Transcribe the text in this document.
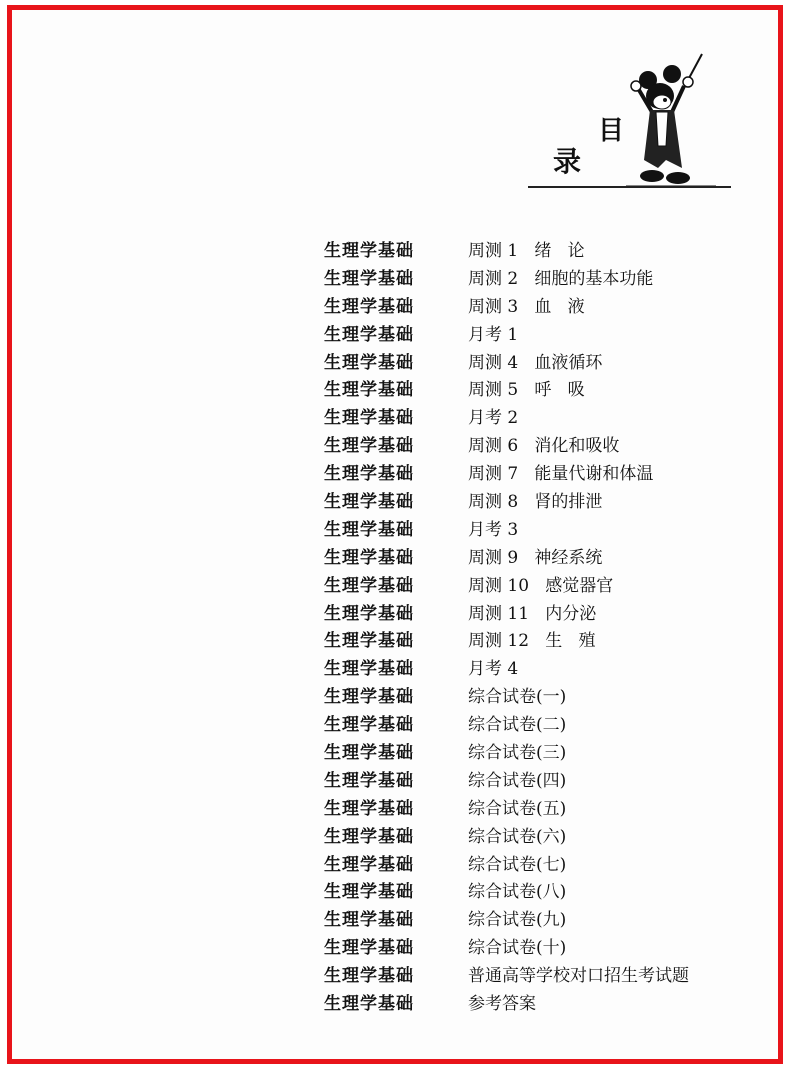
目
录
生理学基础	周测 1   绪   论
生理学基础	周测 2   细胞的基本功能
生理学基础	周测 3   血   液
生理学基础	月考 1
生理学基础	周测 4   血液循环
生理学基础	周测 5   呼   吸
生理学基础	月考 2
生理学基础	周测 6   消化和吸收
生理学基础	周测 7   能量代谢和体温
生理学基础	周测 8   肾的排泄
生理学基础	月考 3
生理学基础	周测 9   神经系统
生理学基础	周测 10   感觉器官
生理学基础	周测 11   内分泌
生理学基础	周测 12   生   殖
生理学基础	月考 4
生理学基础	综合试卷(一)
生理学基础	综合试卷(二)
生理学基础	综合试卷(三)
生理学基础	综合试卷(四)
生理学基础	综合试卷(五)
生理学基础	综合试卷(六)
生理学基础	综合试卷(七)
生理学基础	综合试卷(八)
生理学基础	综合试卷(九)
生理学基础	综合试卷(十)
生理学基础	普通高等学校对口招生考试题
生理学基础	参考答案
